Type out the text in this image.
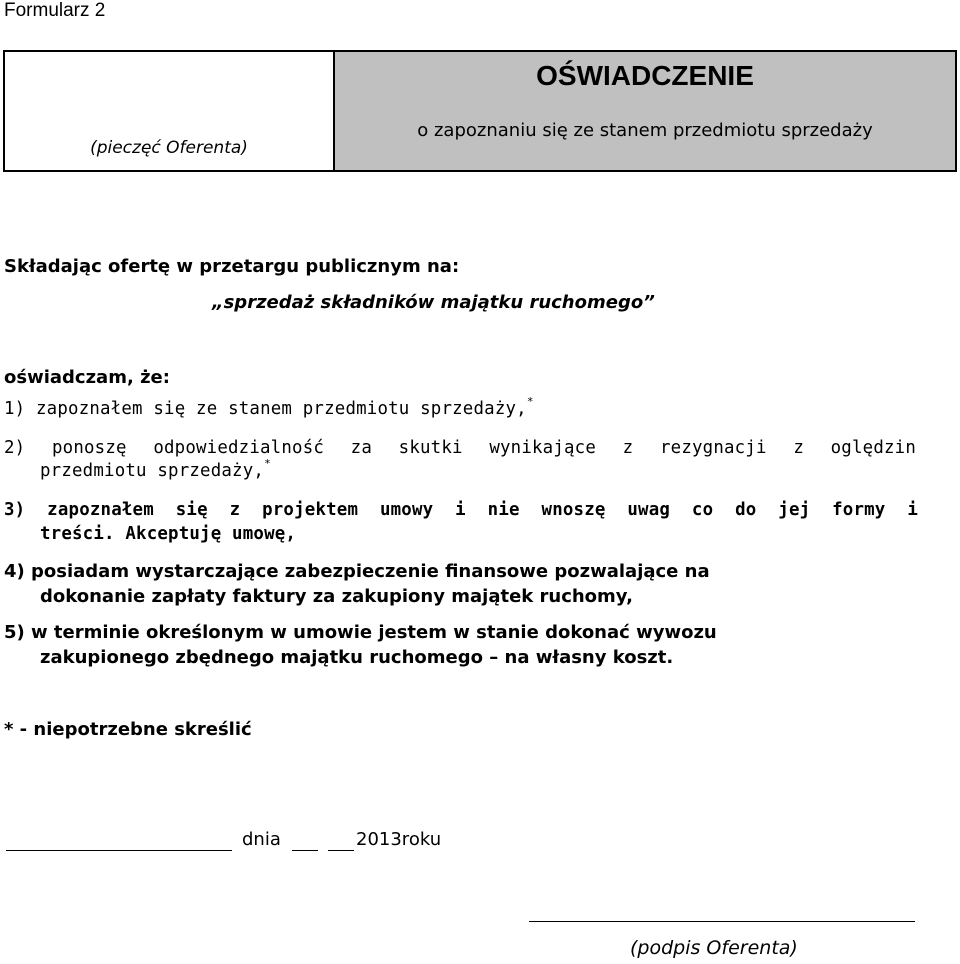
Formularz 2
(pieczęć Oferenta)
OŚWIADCZENIE
o zapoznaniu się ze stanem przedmiotu sprzedaży
Składając ofertę w przetargu publicznym na:
„sprzedaż składników majątku ruchomego”
oświadczam, że:
1) zapoznałem się ze stanem przedmiotu sprzedaży,*
2) ponoszę odpowiedzialność za skutki wynikające z rezygnacji z oględzin
przedmiotu sprzedaży,*
3) zapoznałem się z projektem umowy i nie wnoszę uwag co do jej formy i
treści. Akceptuję umowę,
4) posiadam wystarczające zabezpieczenie finansowe pozwalające na
dokonanie zapłaty faktury za zakupiony majątek ruchomy,
5) w terminie określonym w umowie jestem w stanie dokonać wywozu
zakupionego zbędnego majątku ruchomego – na własny koszt.
* - niepotrzebne skreślić
dnia	2013roku
(podpis Oferenta)
